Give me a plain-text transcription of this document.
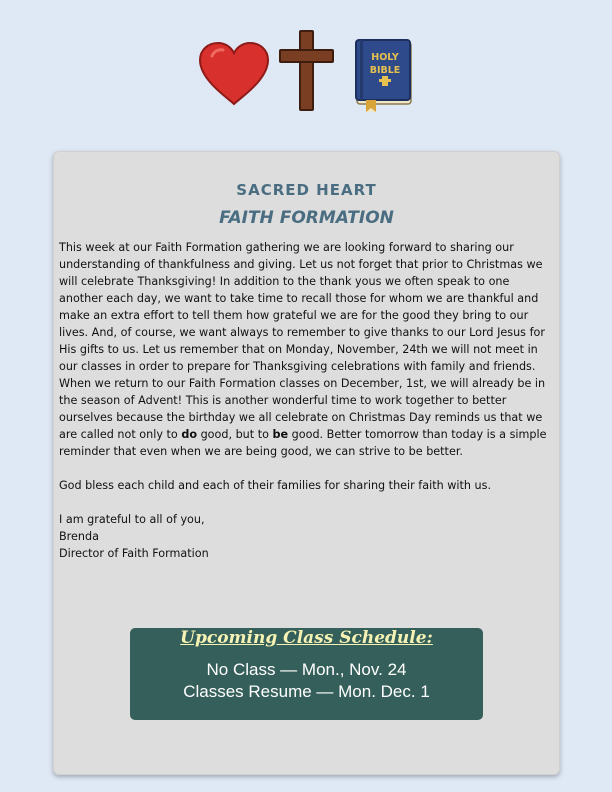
HOLY
BIBLE
SACRED HEART
FAITH FORMATION

This week at our Faith Formation gathering we are looking forward to sharing our understanding of thankfulness and giving. Let us not forget that prior to Christmas we will celebrate Thanksgiving! In addition to the thank yous we often speak to one another each day, we want to take time to recall those for whom we are thankful and make an extra effort to tell them how grateful we are for the good they bring to our lives. And, of course, we want always to remember to give thanks to our Lord Jesus for His gifts to us. Let us remember that on Monday, November, 24th we will not meet in our classes in order to prepare for Thanksgiving celebrations with family and friends. When we return to our Faith Formation classes on December, 1st, we will already be in the season of Advent! This is another wonderful time to work together to better ourselves because the birthday we all celebrate on Christmas Day reminds us that we are called not only to do good, but to be good. Better tomorrow than today is a simple reminder that even when we are being good, we can strive to be better.

God bless each child and each of their families for sharing their faith with us.

I am grateful to all of you,
Brenda
Director of Faith Formation
Upcoming Class Schedule:
No Class — Mon., Nov. 24
Classes Resume — Mon. Dec. 1
